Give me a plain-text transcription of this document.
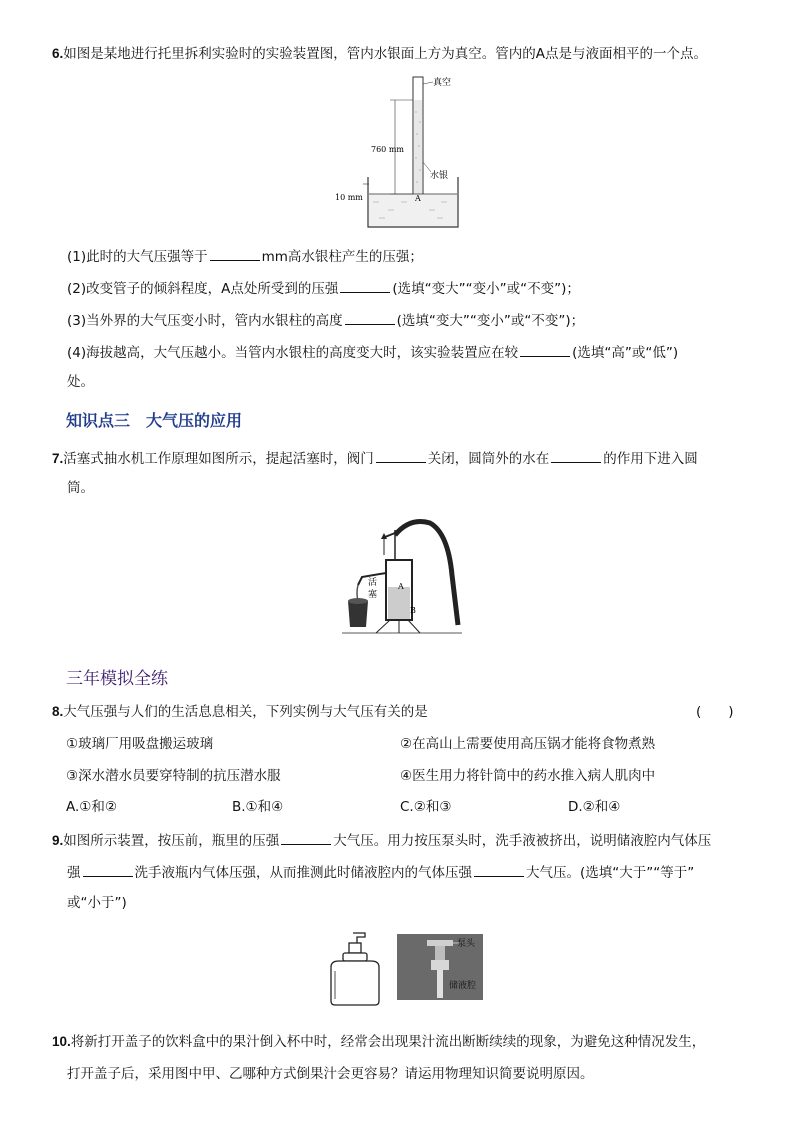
6.如图是某地进行托里拆利实验时的实验装置图，管内水银面上方为真空。管内的A点是与液面相平的一个点。
真空
760 mm
水银
10 mm	A
(1)此时的大气压强等于	mm高水银柱产生的压强；
(2)改变管子的倾斜程度，A点处所受到的压强	(选填“变大”“变小”或“不变”)；
(3)当外界的大气压变小时，管内水银柱的高度	(选填“变大”“变小”或“不变”)；
(4)海拔越高，大气压越小。当管内水银柱的高度变大时，该实验装置应在较	(选填“高”或“低”)
处。
知识点三　大气压的应用
7.活塞式抽水机工作原理如图所示，提起活塞时，阀门	关闭，圆筒外的水在	的作用下进入圆
筒。
活
塞
A
B
三年模拟全练
8.大气压强与人们的生活息息相关，下列实例与大气压有关的是	(　　)
①玻璃厂用吸盘搬运玻璃	②在高山上需要使用高压锅才能将食物煮熟
③深水潜水员要穿特制的抗压潜水服	④医生用力将针筒中的药水推入病人肌肉中
A.①和②	B.①和④	C.②和③	D.②和④
9.如图所示装置，按压前，瓶里的压强	大气压。用力按压泵头时，洗手液被挤出，说明储液腔内气体压
强	洗手液瓶内气体压强，从而推测此时储液腔内的气体压强	大气压。(选填“大于”“等于”
或“小于”)
泵头
储液腔
10.将新打开盖子的饮料盒中的果汁倒入杯中时，经常会出现果汁流出断断续续的现象，为避免这种情况发生，
打开盖子后，采用图中甲、乙哪种方式倒果汁会更容易？请运用物理知识简要说明原因。
